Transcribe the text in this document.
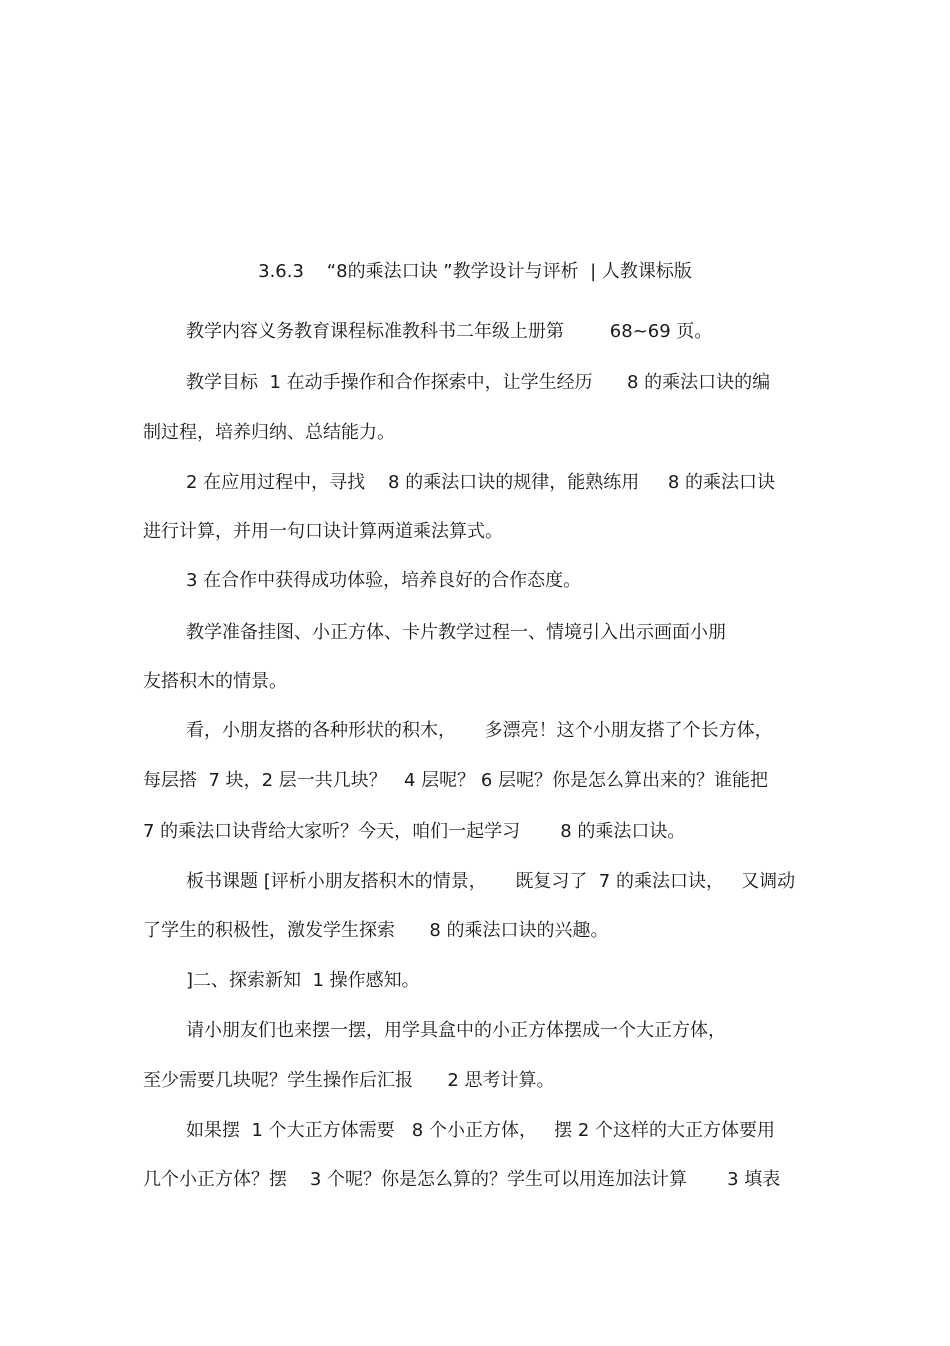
3.6.3    “8的乘法口诀 ”教学设计与评析  | 人教课标版
教学内容义务教育课程标准教科书二年级上册第        68~69 页。
教学目标  1 在动手操作和合作探索中，让学生经历      8 的乘法口诀的编
制过程，培养归纳、总结能力。
2 在应用过程中，寻找    8 的乘法口诀的规律，能熟练用     8 的乘法口诀
进行计算，并用一句口诀计算两道乘法算式。
3 在合作中获得成功体验，培养良好的合作态度。
教学准备挂图、小正方体、卡片教学过程一、情境引入出示画面小朋
友搭积木的情景。
看，小朋友搭的各种形状的积木，     多漂亮！这个小朋友搭了个长方体，
每层搭  7 块，2 层一共几块？   4 层呢？ 6 层呢？你是怎么算出来的？谁能把
7 的乘法口诀背给大家听？今天，咱们一起学习       8 的乘法口诀。
板书课题 [评析小朋友搭积木的情景，     既复习了  7 的乘法口诀，   又调动
了学生的积极性，激发学生探索      8 的乘法口诀的兴趣。
]二、探索新知  1 操作感知。
请小朋友们也来摆一摆，用学具盒中的小正方体摆成一个大正方体，
至少需要几块呢？学生操作后汇报      2 思考计算。
如果摆  1 个大正方体需要   8 个小正方体，   摆 2 个这样的大正方体要用
几个小正方体？摆    3 个呢？你是怎么算的？学生可以用连加法计算       3 填表
